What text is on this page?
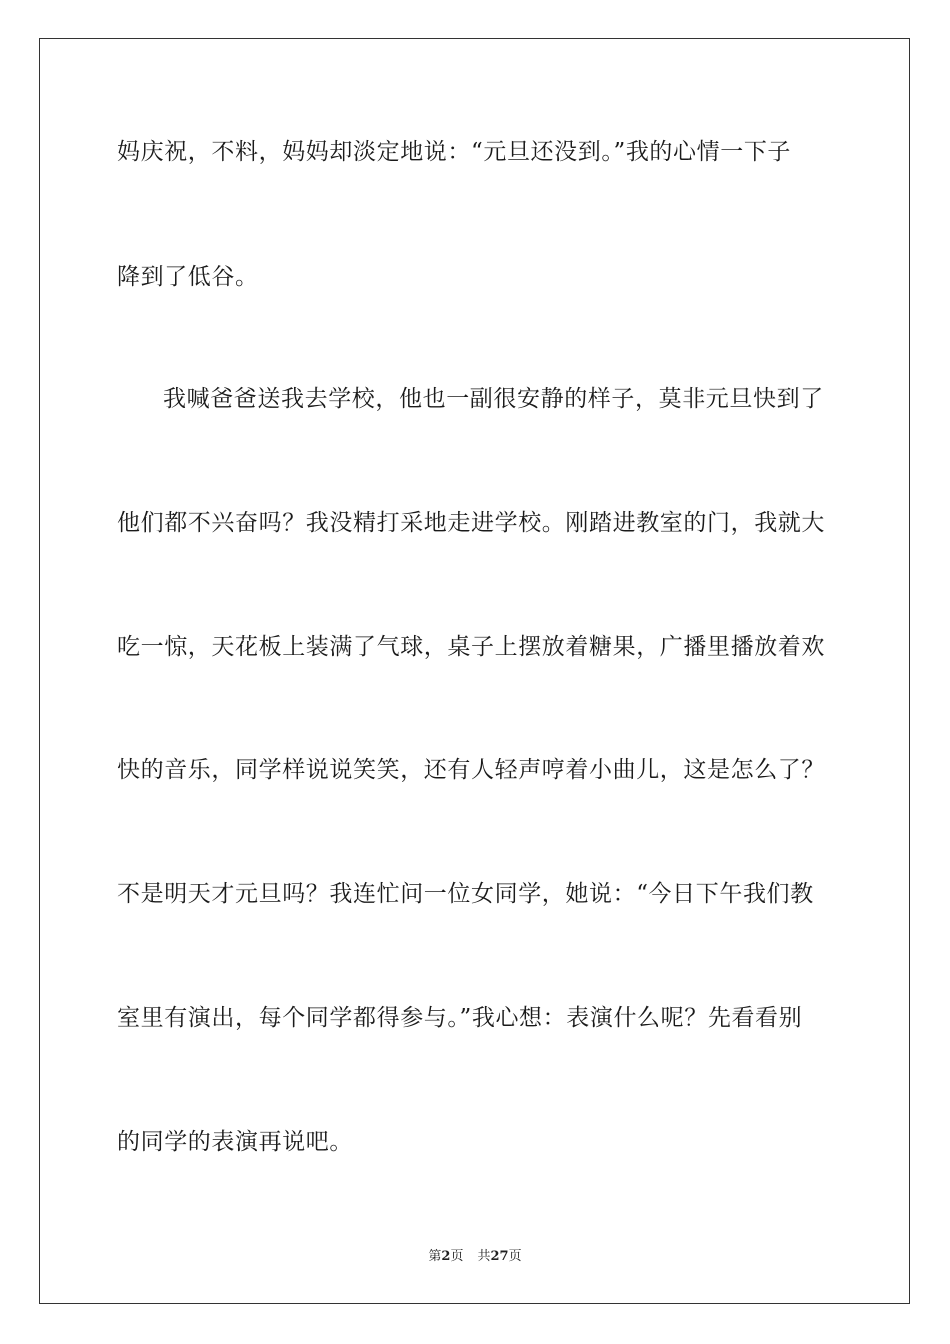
妈庆祝，不料，妈妈却淡定地说：“元旦还没到。”我的心情一下子
降到了低谷。
我喊爸爸送我去学校，他也一副很安静的样子，莫非元旦快到了
他们都不兴奋吗？我没精打采地走进学校。刚踏进教室的门，我就大
吃一惊，天花板上装满了气球，桌子上摆放着糖果，广播里播放着欢
快的音乐，同学样说说笑笑，还有人轻声哼着小曲儿，这是怎么了？
不是明天才元旦吗？我连忙问一位女同学，她说：“今日下午我们教
室里有演出，每个同学都得参与。”我心想：表演什么呢？先看看别
的同学的表演再说吧。
第2页 共27页
